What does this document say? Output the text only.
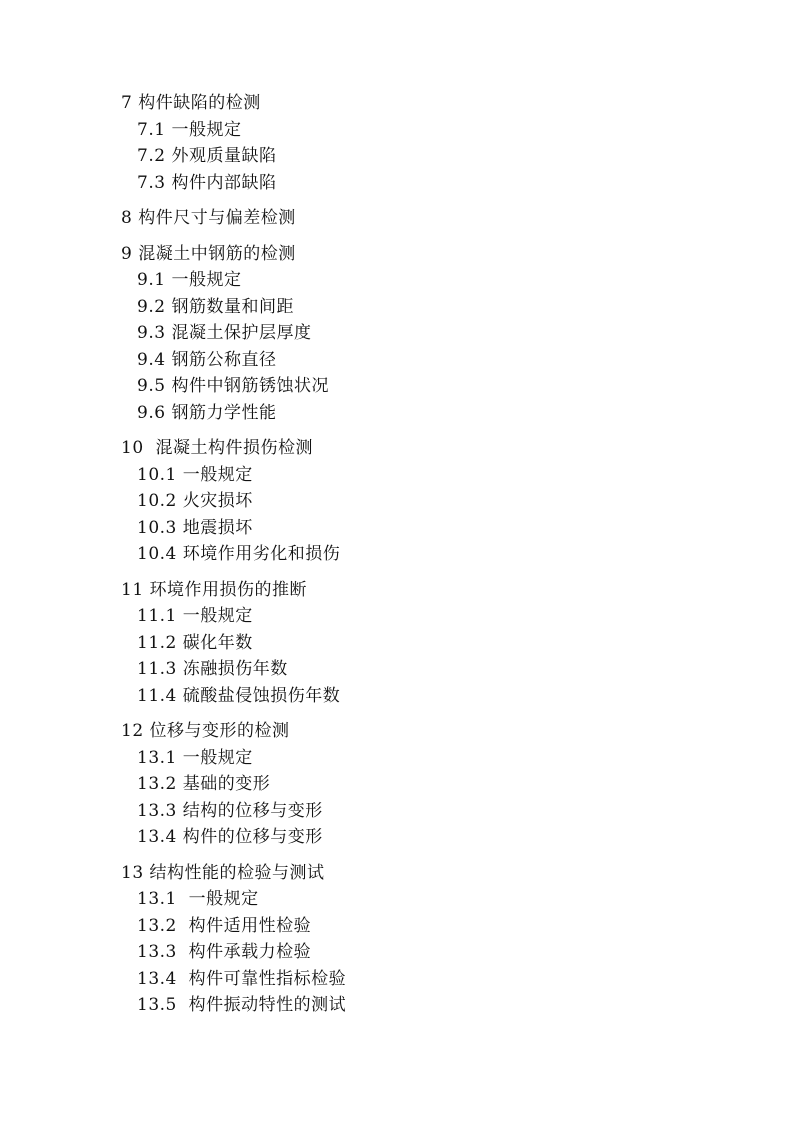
7 构件缺陷的检测
7.1 一般规定
7.2 外观质量缺陷
7.3 构件内部缺陷
8 构件尺寸与偏差检测
9 混凝土中钢筋的检测
9.1 一般规定
9.2 钢筋数量和间距
9.3 混凝土保护层厚度
9.4 钢筋公称直径
9.5 构件中钢筋锈蚀状况
9.6 钢筋力学性能
10  混凝土构件损伤检测
10.1 一般规定
10.2 火灾损坏
10.3 地震损坏
10.4 环境作用劣化和损伤
11 环境作用损伤的推断
11.1 一般规定
11.2 碳化年数
11.3 冻融损伤年数
11.4 硫酸盐侵蚀损伤年数
12 位移与变形的检测
13.1 一般规定
13.2 基础的变形
13.3 结构的位移与变形
13.4 构件的位移与变形
13 结构性能的检验与测试
13.1  一般规定
13.2  构件适用性检验
13.3  构件承载力检验
13.4  构件可靠性指标检验
13.5  构件振动特性的测试
